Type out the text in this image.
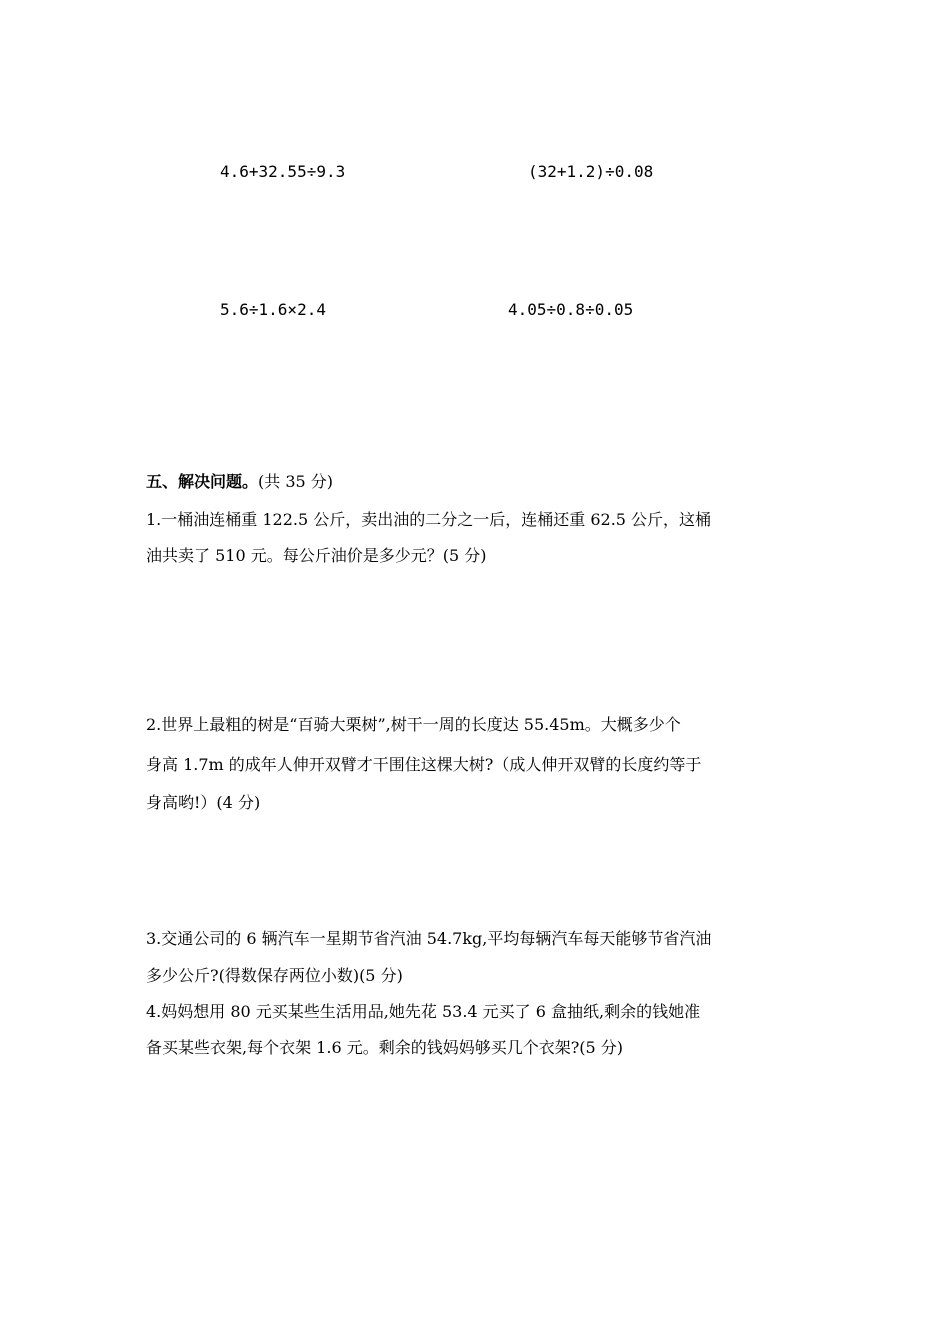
4.6+32.55÷9.3	(32+1.2)÷0.08
5.6÷1.6×2.4	4.05÷0.8÷0.05
五、解决问题。(共 35 分)
1.一桶油连桶重 122.5 公斤，卖出油的二分之一后，连桶还重 62.5 公斤，这桶
油共卖了 510 元。每公斤油价是多少元？(5 分)
2.世界上最粗的树是“百骑大栗树”,树干一周的长度达 55.45m。大概多少个
身高 1.7m 的成年人伸开双臂才干围住这棵大树?（成人伸开双臂的长度约等于
身高哟!）(4 分)
3.交通公司的 6 辆汽车一星期节省汽油 54.7kg,平均每辆汽车每天能够节省汽油
多少公斤?(得数保存两位小数)(5 分)
4.妈妈想用 80 元买某些生活用品,她先花 53.4 元买了 6 盒抽纸,剩余的钱她准
备买某些衣架,每个衣架 1.6 元。剩余的钱妈妈够买几个衣架?(5 分)
